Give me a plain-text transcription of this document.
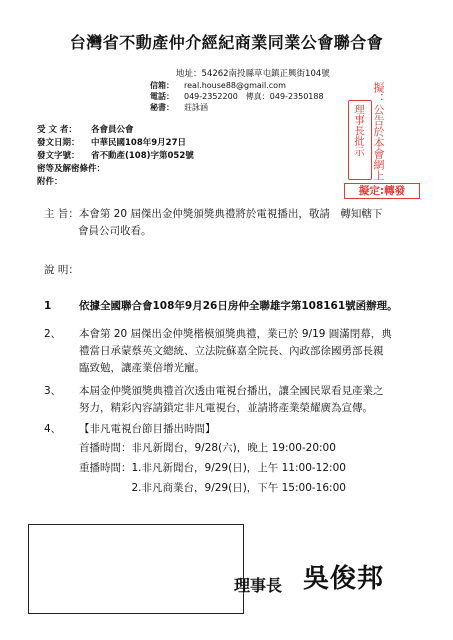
台灣省不動產仲介經紀商業同業公會聯合會
地址：54262南投縣草屯鎮正興街104號
信箱： real.house88@gmail.com
電話： 049-2352200　傳真：049-2350188
秘書： 莊詠涵	擬：公告於本會網上
理事長批示
擬定:轉發
受 文 者： 各會員公會
發文日期： 中華民國108年9月27日
發文字號： 省不動產(108)字第052號
密等及解密條件：
附件：
主 旨：本會第 20 屆傑出金仲獎頒獎典禮將於電視播出，敬請　轉知轄下
會員公司收看。
說 明：
1	依據全國聯合會108年9月26日房仲全聯雄字第108161號函辦理。
2、 本會第 20 屆傑出金仲獎楷模頒獎典禮，業已於 9/19 圓滿閉幕，典
禮當日承蒙蔡英文總統、立法院蘇嘉全院長、內政部徐國勇部長親
臨致勉，讓產業倍增光寵。
3、 本屆金仲獎頒獎典禮首次透由電視台播出，讓全國民眾看見產業之
努力，精彩內容請鎖定非凡電視台，並請將產業榮耀廣為宣傳。
4、 【非凡電視台節目播出時間】
首播時間：非凡新聞台，9/28(六)，晚上 19:00-20:00
重播時間：1.非凡新聞台，9/29(日)，上午 11:00-12:00
　　　　　2.非凡商業台，9/29(日)，下午 15:00-16:00
理事長 吳俊邦
